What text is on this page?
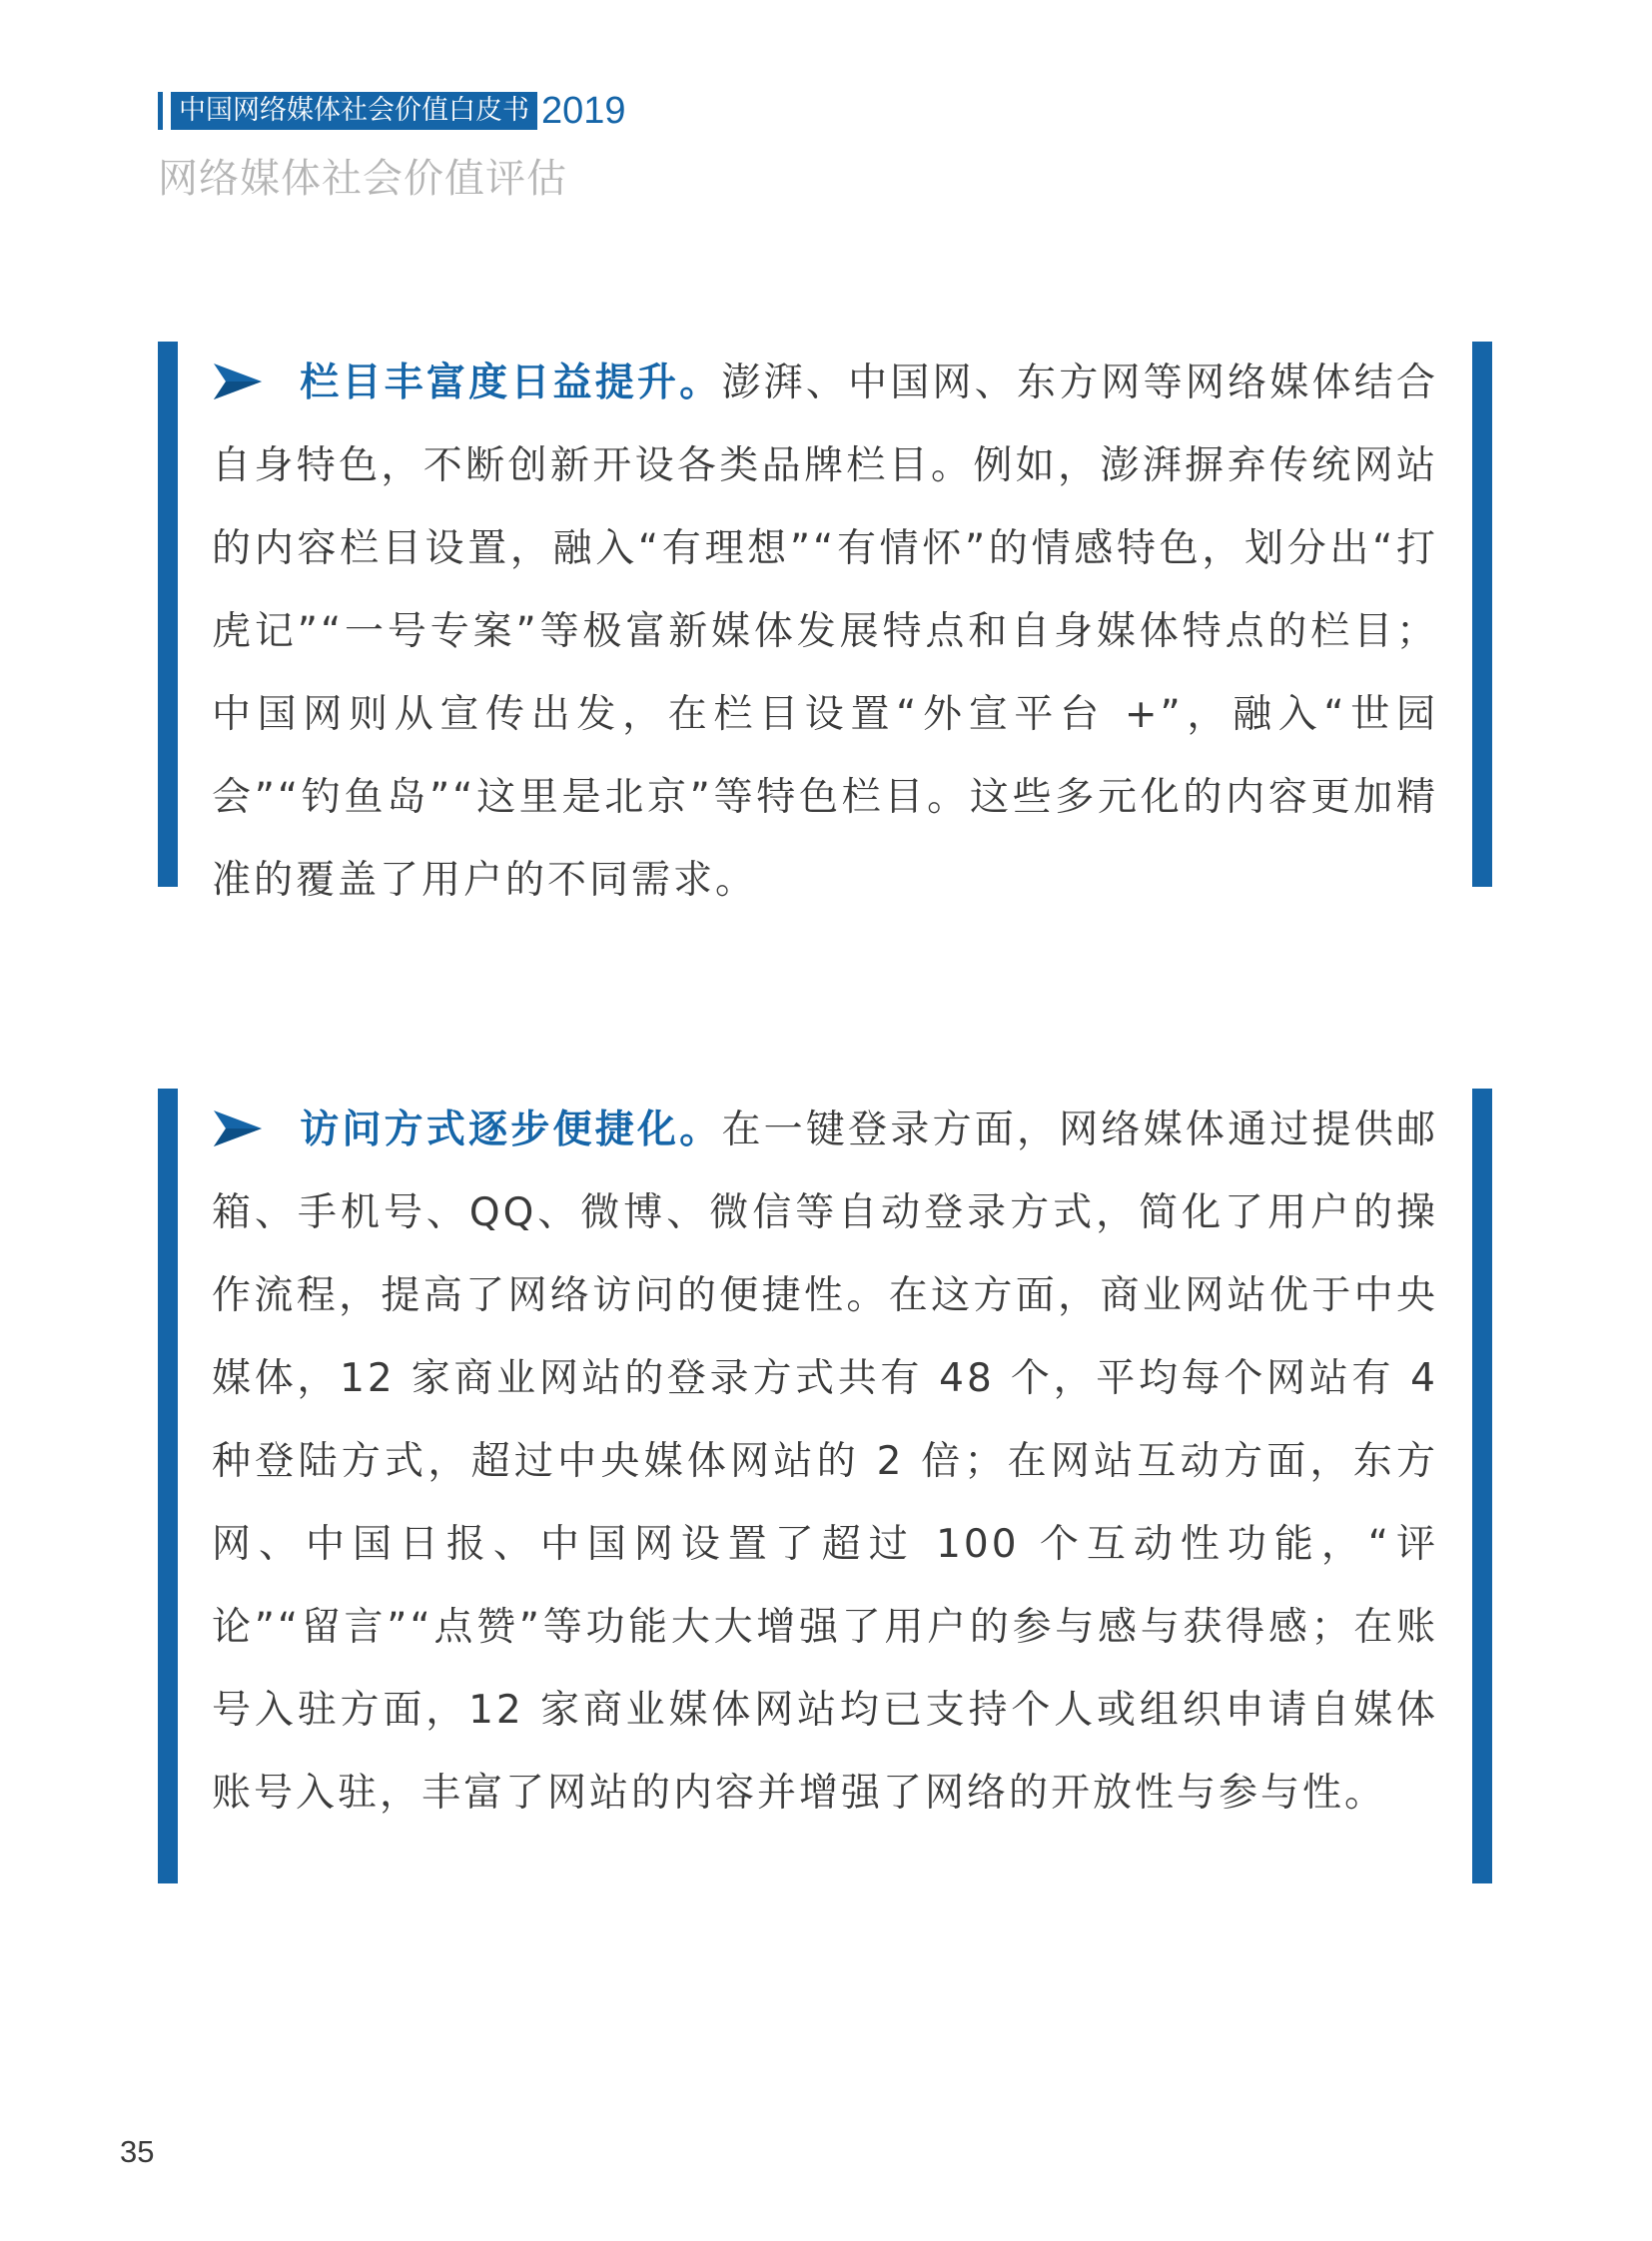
中国网络媒体社会价值白皮书 2019
网络媒体社会价值评估
栏目丰富度日益提升。澎湃、中国网、东方网等网络媒体结合自身特色，不断创新开设各类品牌栏目。例如，澎湃摒弃传统网站的内容栏目设置，融入“有理想”“有情怀”的情感特色，划分出“打虎记”“一号专案”等极富新媒体发展特点和自身媒体特点的栏目；中国网则从宣传出发，在栏目设置“外宣平台 +”，融入“世园会”“钓鱼岛”“这里是北京”等特色栏目。这些多元化的内容更加精准的覆盖了用户的不同需求。
访问方式逐步便捷化。在一键登录方面，网络媒体通过提供邮箱、手机号、QQ、微博、微信等自动登录方式，简化了用户的操作流程，提高了网络访问的便捷性。在这方面，商业网站优于中央媒体，12 家商业网站的登录方式共有 48 个，平均每个网站有 4 种登陆方式，超过中央媒体网站的 2 倍；在网站互动方面，东方网、中国日报、中国网设置了超过 100 个互动性功能，“评论”“留言”“点赞”等功能大大增强了用户的参与感与获得感；在账号入驻方面，12 家商业媒体网站均已支持个人或组织申请自媒体账号入驻，丰富了网站的内容并增强了网络的开放性与参与性。
35
